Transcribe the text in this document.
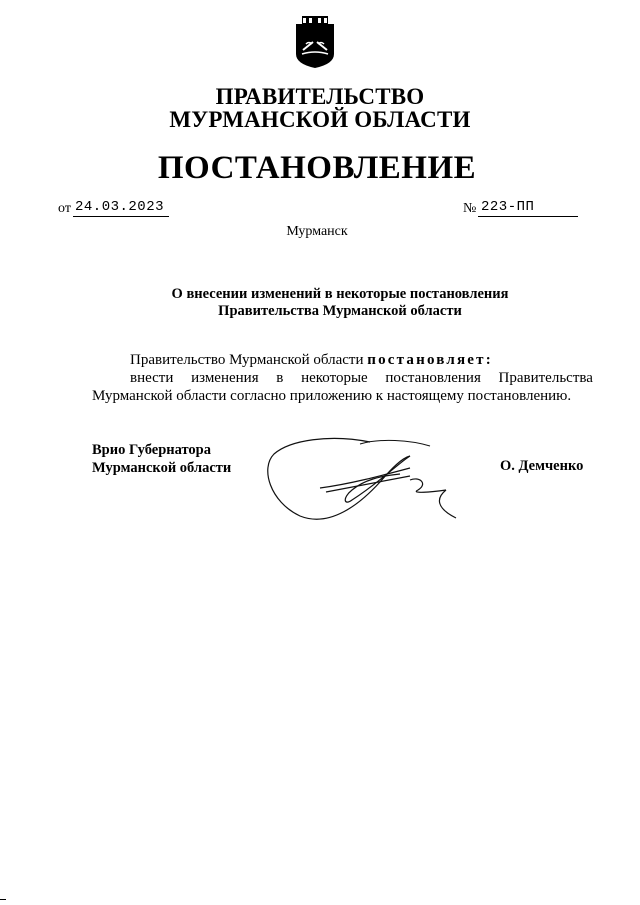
ПРАВИТЕЛЬСТВО
МУРМАНСКОЙ ОБЛАСТИ
ПОСТАНОВЛЕНИЕ
от 24.03.2023	№ 223-ПП
Мурманск
О внесении изменений в некоторые постановления
Правительства Мурманской области
Правительство Мурманской области постановляет:
внести изменения в некоторые постановления Правительства
Мурманской области согласно приложению к настоящему постановлению.
Врио Губернатора
Мурманской области	О. Демченко
